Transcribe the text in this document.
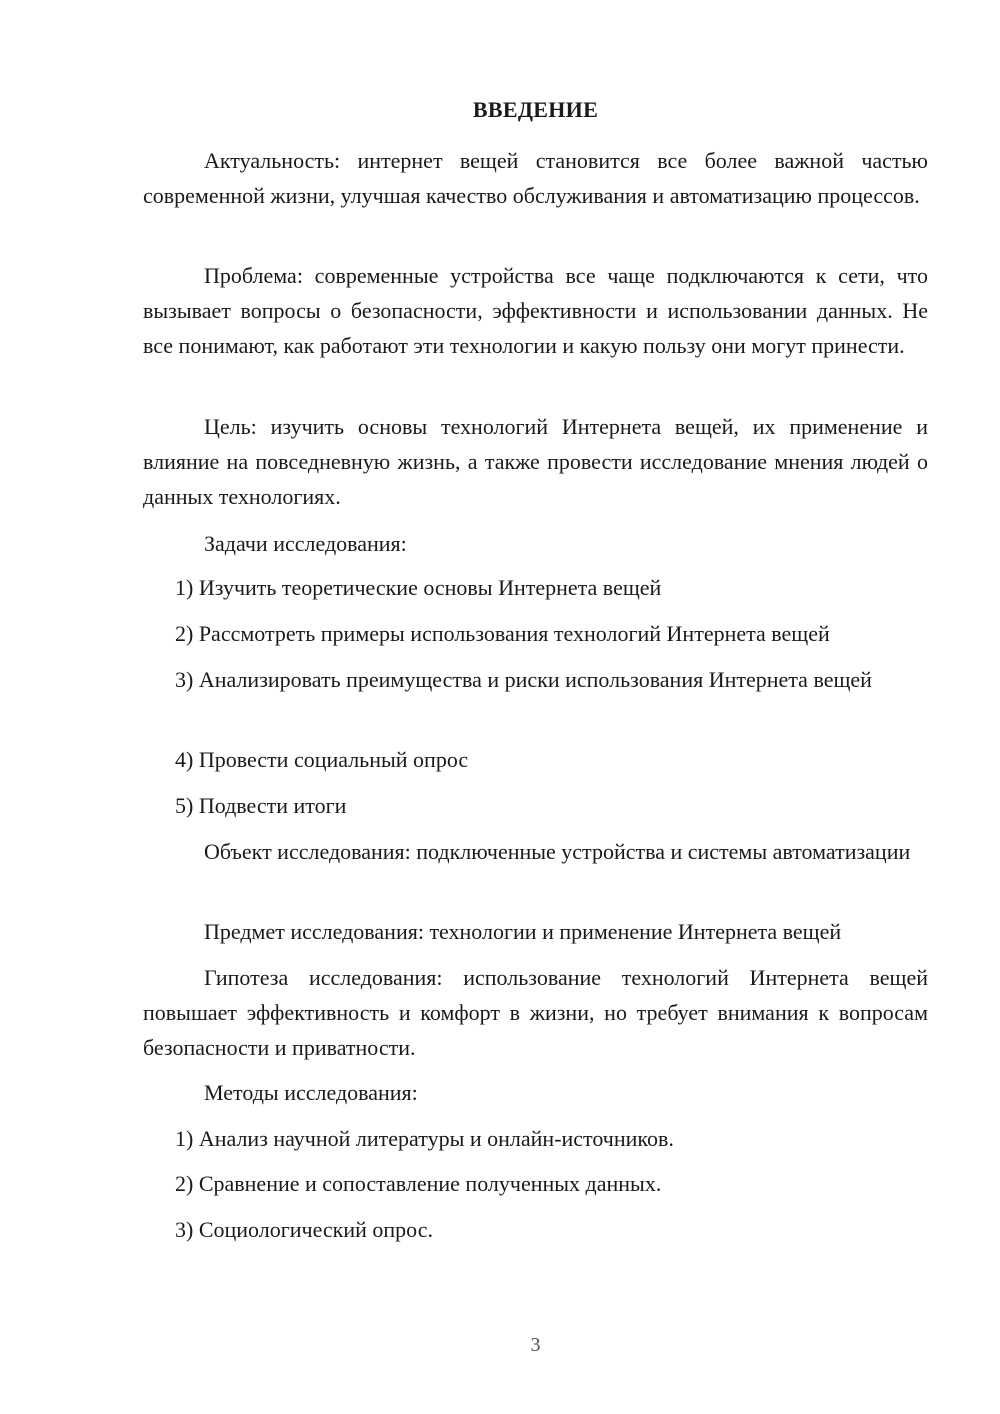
ВВЕДЕНИЕ

Актуальность: интернет вещей становится все более важной частью современной жизни, улучшая качество обслуживания и автоматизацию процессов.

Проблема: современные устройства все чаще подключаются к сети, что вызывает вопросы о безопасности, эффективности и использовании данных. Не все понимают, как работают эти технологии и какую пользу они могут принести.

Цель: изучить основы технологий Интернета вещей, их применение и влияние на повседневную жизнь, а также провести исследование мнения людей о данных технологиях.

Задачи исследования:

1) Изучить теоретические основы Интернета вещей

2) Рассмотреть примеры использования технологий Интернета вещей

3) Анализировать преимущества и риски использования Интернета вещей

4) Провести социальный опрос

5) Подвести итоги

Объект исследования: подключенные устройства и системы автоматизации

Предмет исследования: технологии и применение Интернета вещей

Гипотеза исследования: использование технологий Интернета вещей повышает эффективность и комфорт в жизни, но требует внимания к вопросам безопасности и приватности.

Методы исследования:

1) Анализ научной литературы и онлайн-источников.

2) Сравнение и сопоставление полученных данных.

3) Социологический опрос.

3
